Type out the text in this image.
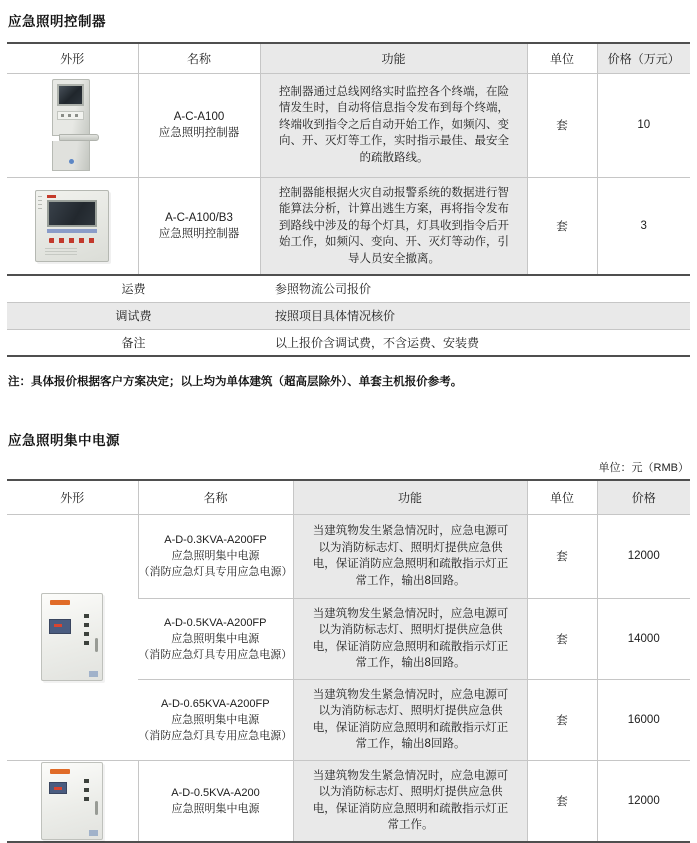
应急照明控制器
外形	名称	功能	单位	价格（万元）

	A-C-A100
应急照明控制器	控制器通过总线网络实时监控各个终端，在险情发生时，自动将信息指令发布到每个终端，终端收到指令之后自动开始工作，如频闪、变向、开、灭灯等工作，实时指示最佳、最安全的疏散路线。	套	10

	A-C-A100/B3
应急照明控制器	控制器能根据火灾自动报警系统的数据进行智能算法分析，计算出逃生方案，再将指令发布到路线中涉及的每个灯具，灯具收到指令后开始工作，如频闪、变向、开、灭灯等动作，引导人员安全撤离。	套	3
运费		参照物流公司报价		
调试费		按照项目具体情况核价		
备注		以上报价含调试费，不含运费、安装费		

注：具体报价根据客户方案决定；以上均为单体建筑（超高层除外）、单套主机报价参考。

应急照明集中电源
单位：元（RMB）
外形	名称	功能	单位	价格

	A-D-0.3KVA-A200FP
应急照明集中电源
（消防应急灯具专用应急电源）	当建筑物发生紧急情况时，应急电源可以为消防标志灯、照明灯提供应急供电，保证消防应急照明和疏散指示灯正常工作，输出8回路。	套	12000

	A-D-0.5KVA-A200FP
应急照明集中电源
（消防应急灯具专用应急电源）	当建筑物发生紧急情况时，应急电源可以为消防标志灯、照明灯提供应急供电，保证消防应急照明和疏散指示灯正常工作，输出8回路。	套	14000

	A-D-0.65KVA-A200FP
应急照明集中电源
（消防应急灯具专用应急电源）	当建筑物发生紧急情况时，应急电源可以为消防标志灯、照明灯提供应急供电，保证消防应急照明和疏散指示灯正常工作，输出8回路。	套	16000

	A-D-0.5KVA-A200
应急照明集中电源	当建筑物发生紧急情况时，应急电源可以为消防标志灯、照明灯提供应急供电，保证消防应急照明和疏散指示灯正常工作。	套	12000
